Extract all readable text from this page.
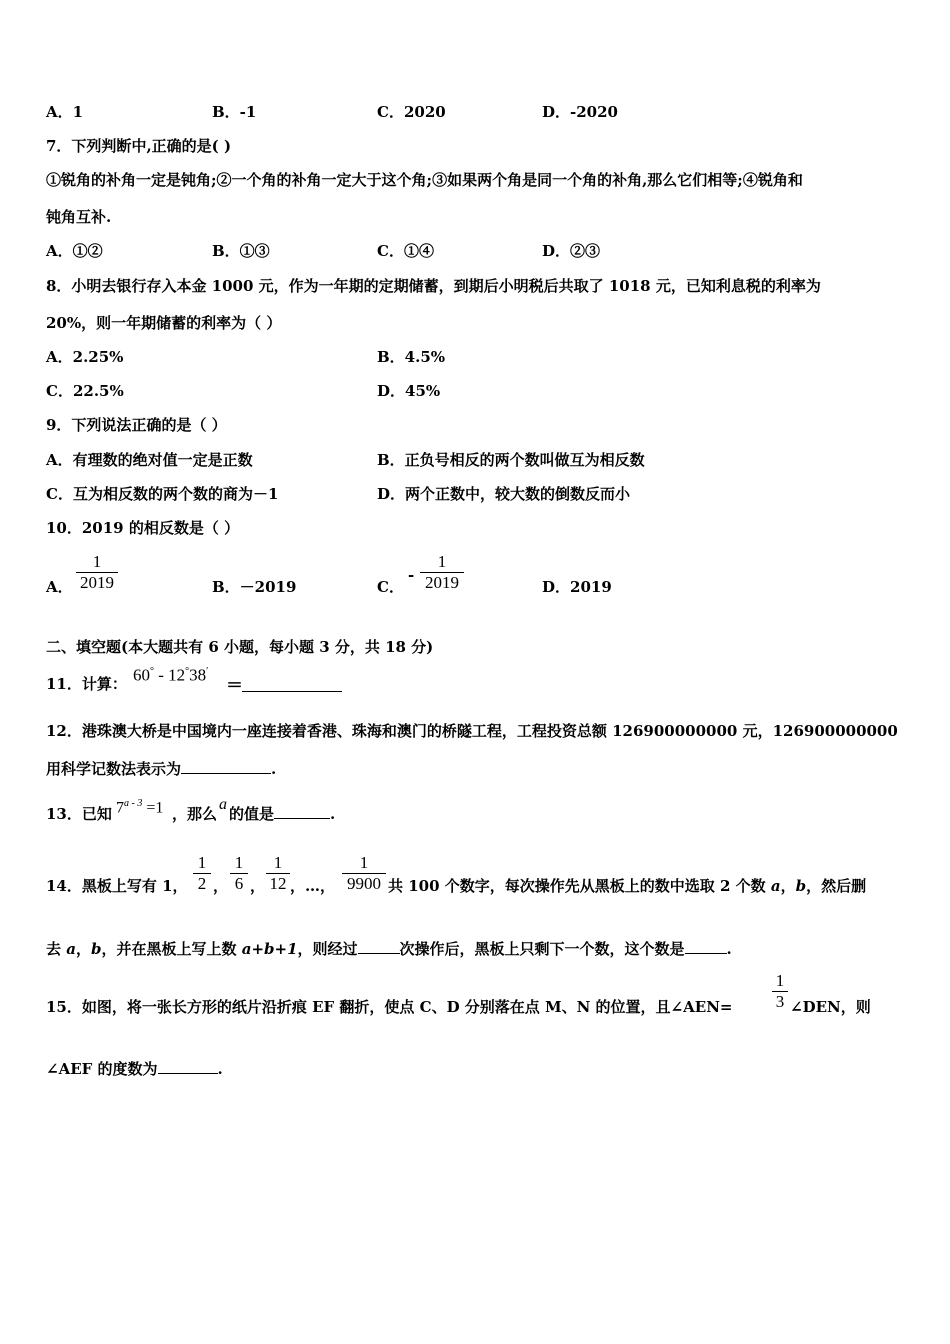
A．1	B．-1	C．2020	D．-2020
7．下列判断中,正确的是( )
①锐角的补角一定是钝角;②一个角的补角一定大于这个角;③如果两个角是同一个角的补角,那么它们相等;④锐角和
钝角互补.
A．①②	B．①③	C．①④	D．②③
8．小明去银行存入本金 1000 元，作为一年期的定期储蓄，到期后小明税后共取了 1018 元，已知利息税的利率为
20%，则一年期储蓄的利率为（ ）
A．2.25%	B．4.5%
C．22.5%	D．45%
9．下列说法正确的是（ ）
A．有理数的绝对值一定是正数	B．正负号相反的两个数叫做互为相反数
C．互为相反数的两个数的商为－1	D．两个正数中，较大数的倒数反而小
10．2019 的相反数是（ ）
A．
1
2019	B．－2019	C．
-
1
2019	D．2019
二、填空题(本大题共有 6 小题，每小题 3 分，共 18 分)
11．计算： 60° - 12°38′
＝
12．港珠澳大桥是中国境内一座连接着香港、珠海和澳门的桥隧工程，工程投资总额 126900000000 元，126900000000
用科学记数法表示为	.
13．已知 $7^{a - 3} =1$ ，那么a的值是	.
14．黑板上写有 1，
1
2 ，
1
6 ，
1
12 ，…，
1
9900 共 100 个数字，每次操作先从黑板上的数中选取 2 个数 a，b，然后删
去 a，b，并在黑板上写上数 a+b+1，则经过	次操作后，黑板上只剩下一个数，这个数是	.
15．如图，将一张长方形的纸片沿折痕 EF 翻折，使点 C、D 分别落在点 M、N 的位置，且∠AEN=
1
3 ∠DEN，则
∠AEF 的度数为	.
